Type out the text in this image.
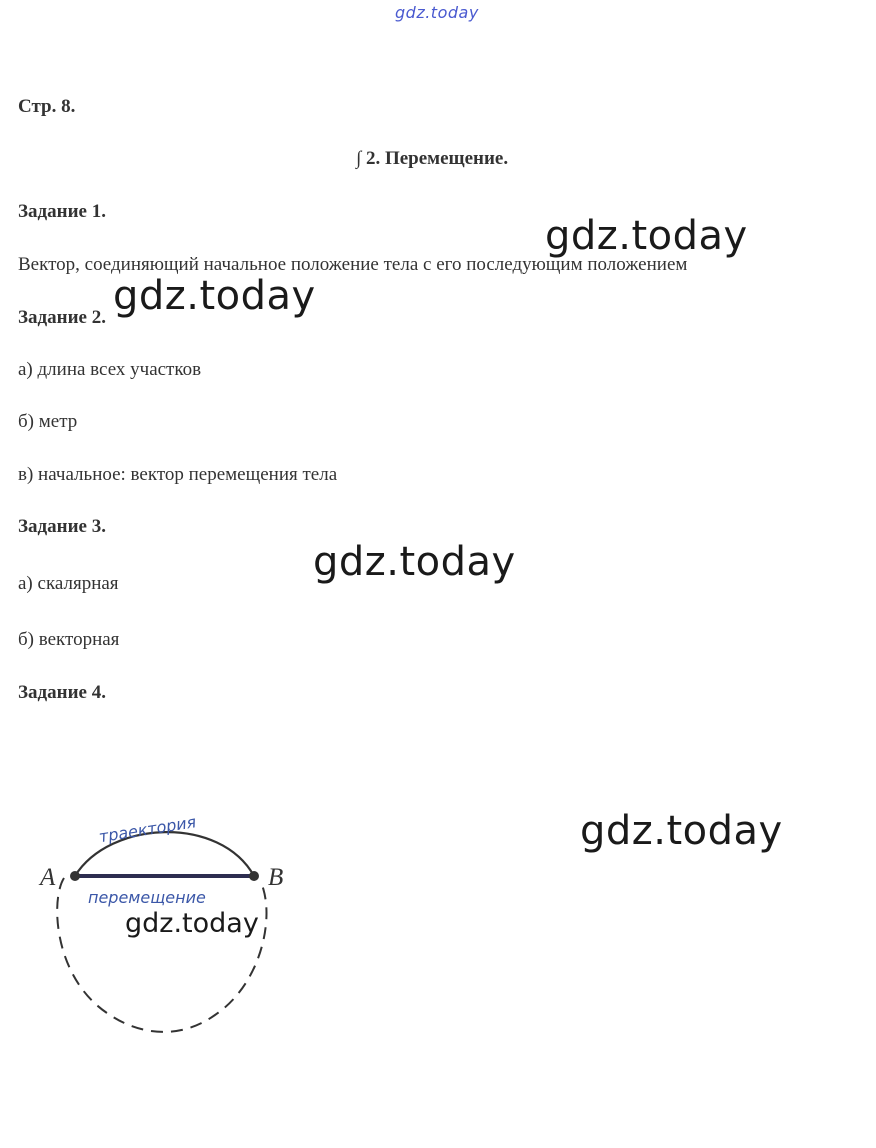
gdz.today
gdz.today
gdz.today
gdz.today
gdz.today
Стр. 8.
∫ 2. Перемещение.
Задание 1.
Вектор, соединяющий начальное положение тела с его последующим положением
Задание 2.
а) длина всех участков
б) метр
в) начальное: вектор перемещения тела
Задание 3.
а) скалярная
б) векторная
Задание 4.
A	B
траектория
перемещение
gdz.today
